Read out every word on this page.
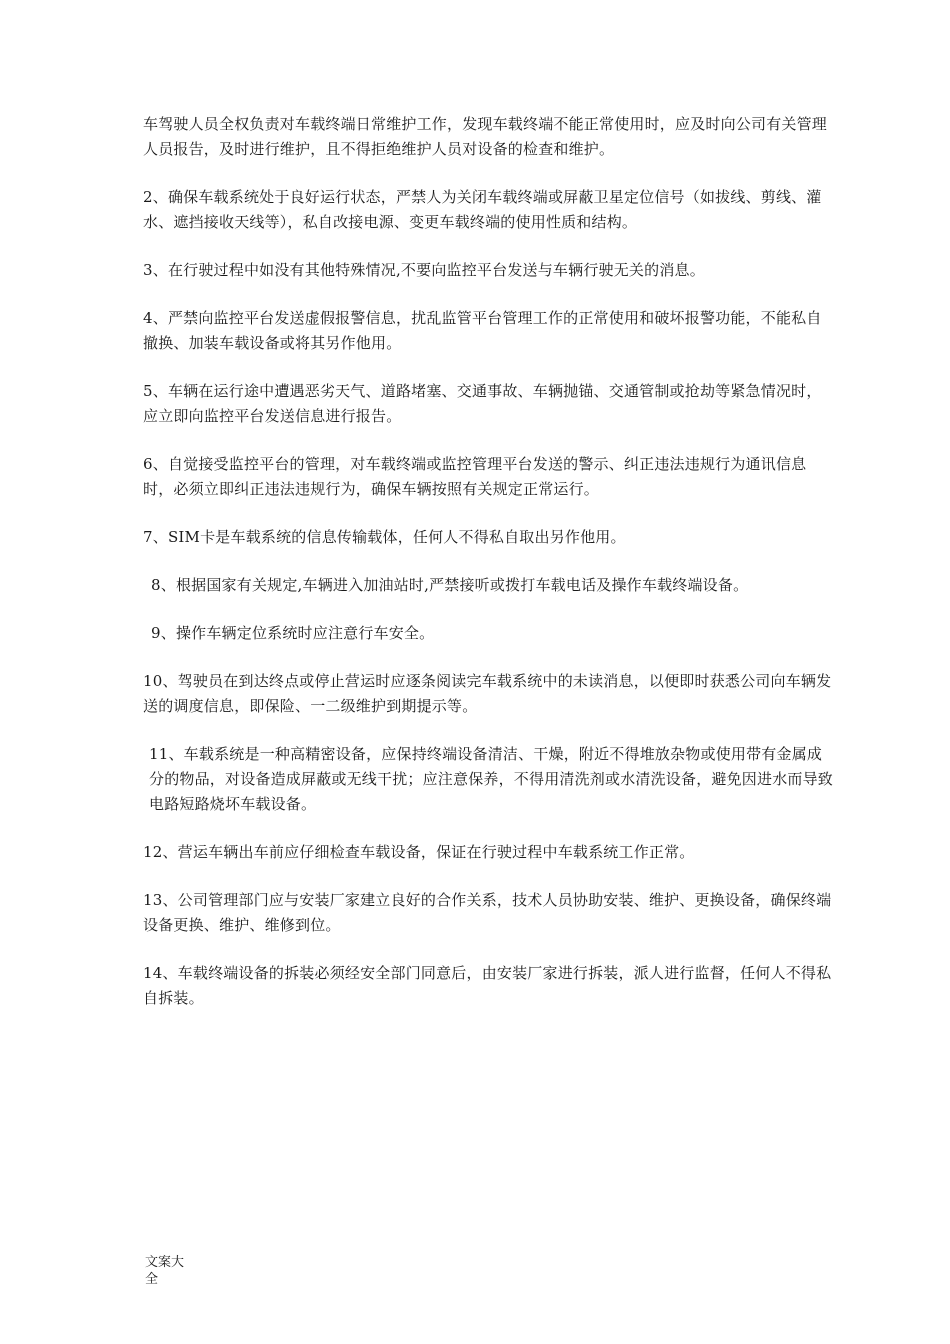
车驾驶人员全权负责对车载终端日常维护工作，发现车载终端不能正常使用时，应及时向公司有关管理人员报告，及时进行维护，且不得拒绝维护人员对设备的检查和维护。

2、确保车载系统处于良好运行状态，严禁人为关闭车载终端或屏蔽卫星定位信号（如拔线、剪线、灌水、遮挡接收天线等），私自改接电源、变更车载终端的使用性质和结构。

3、在行驶过程中如没有其他特殊情况,不要向监控平台发送与车辆行驶无关的消息。

4、严禁向监控平台发送虚假报警信息，扰乱监管平台管理工作的正常使用和破坏报警功能，不能私自撤换、加装车载设备或将其另作他用。

5、车辆在运行途中遭遇恶劣天气、道路堵塞、交通事故、车辆抛锚、交通管制或抢劫等紧急情况时，应立即向监控平台发送信息进行报告。

6、自觉接受监控平台的管理，对车载终端或监控管理平台发送的警示、纠正违法违规行为通讯信息时，必须立即纠正违法违规行为，确保车辆按照有关规定正常运行。

7、SIM卡是车载系统的信息传输载体，任何人不得私自取出另作他用。

8、根据国家有关规定,车辆进入加油站时,严禁接听或拨打车载电话及操作车载终端设备。

9、操作车辆定位系统时应注意行车安全。

10、驾驶员在到达终点或停止营运时应逐条阅读完车载系统中的未读消息，以便即时获悉公司向车辆发送的调度信息，即保险、一二级维护到期提示等。

11、车载系统是一种高精密设备，应保持终端设备清洁、干燥，附近不得堆放杂物或使用带有金属成分的物品，对设备造成屏蔽或无线干扰；应注意保养，不得用清洗剂或水清洗设备，避免因进水而导致电路短路烧坏车载设备。

12、营运车辆出车前应仔细检查车载设备，保证在行驶过程中车载系统工作正常。

13、公司管理部门应与安装厂家建立良好的合作关系，技术人员协助安装、维护、更换设备，确保终端设备更换、维护、维修到位。

14、车载终端设备的拆装必须经安全部门同意后，由安装厂家进行拆装，派人进行监督，任何人不得私自拆装。

文案大全
